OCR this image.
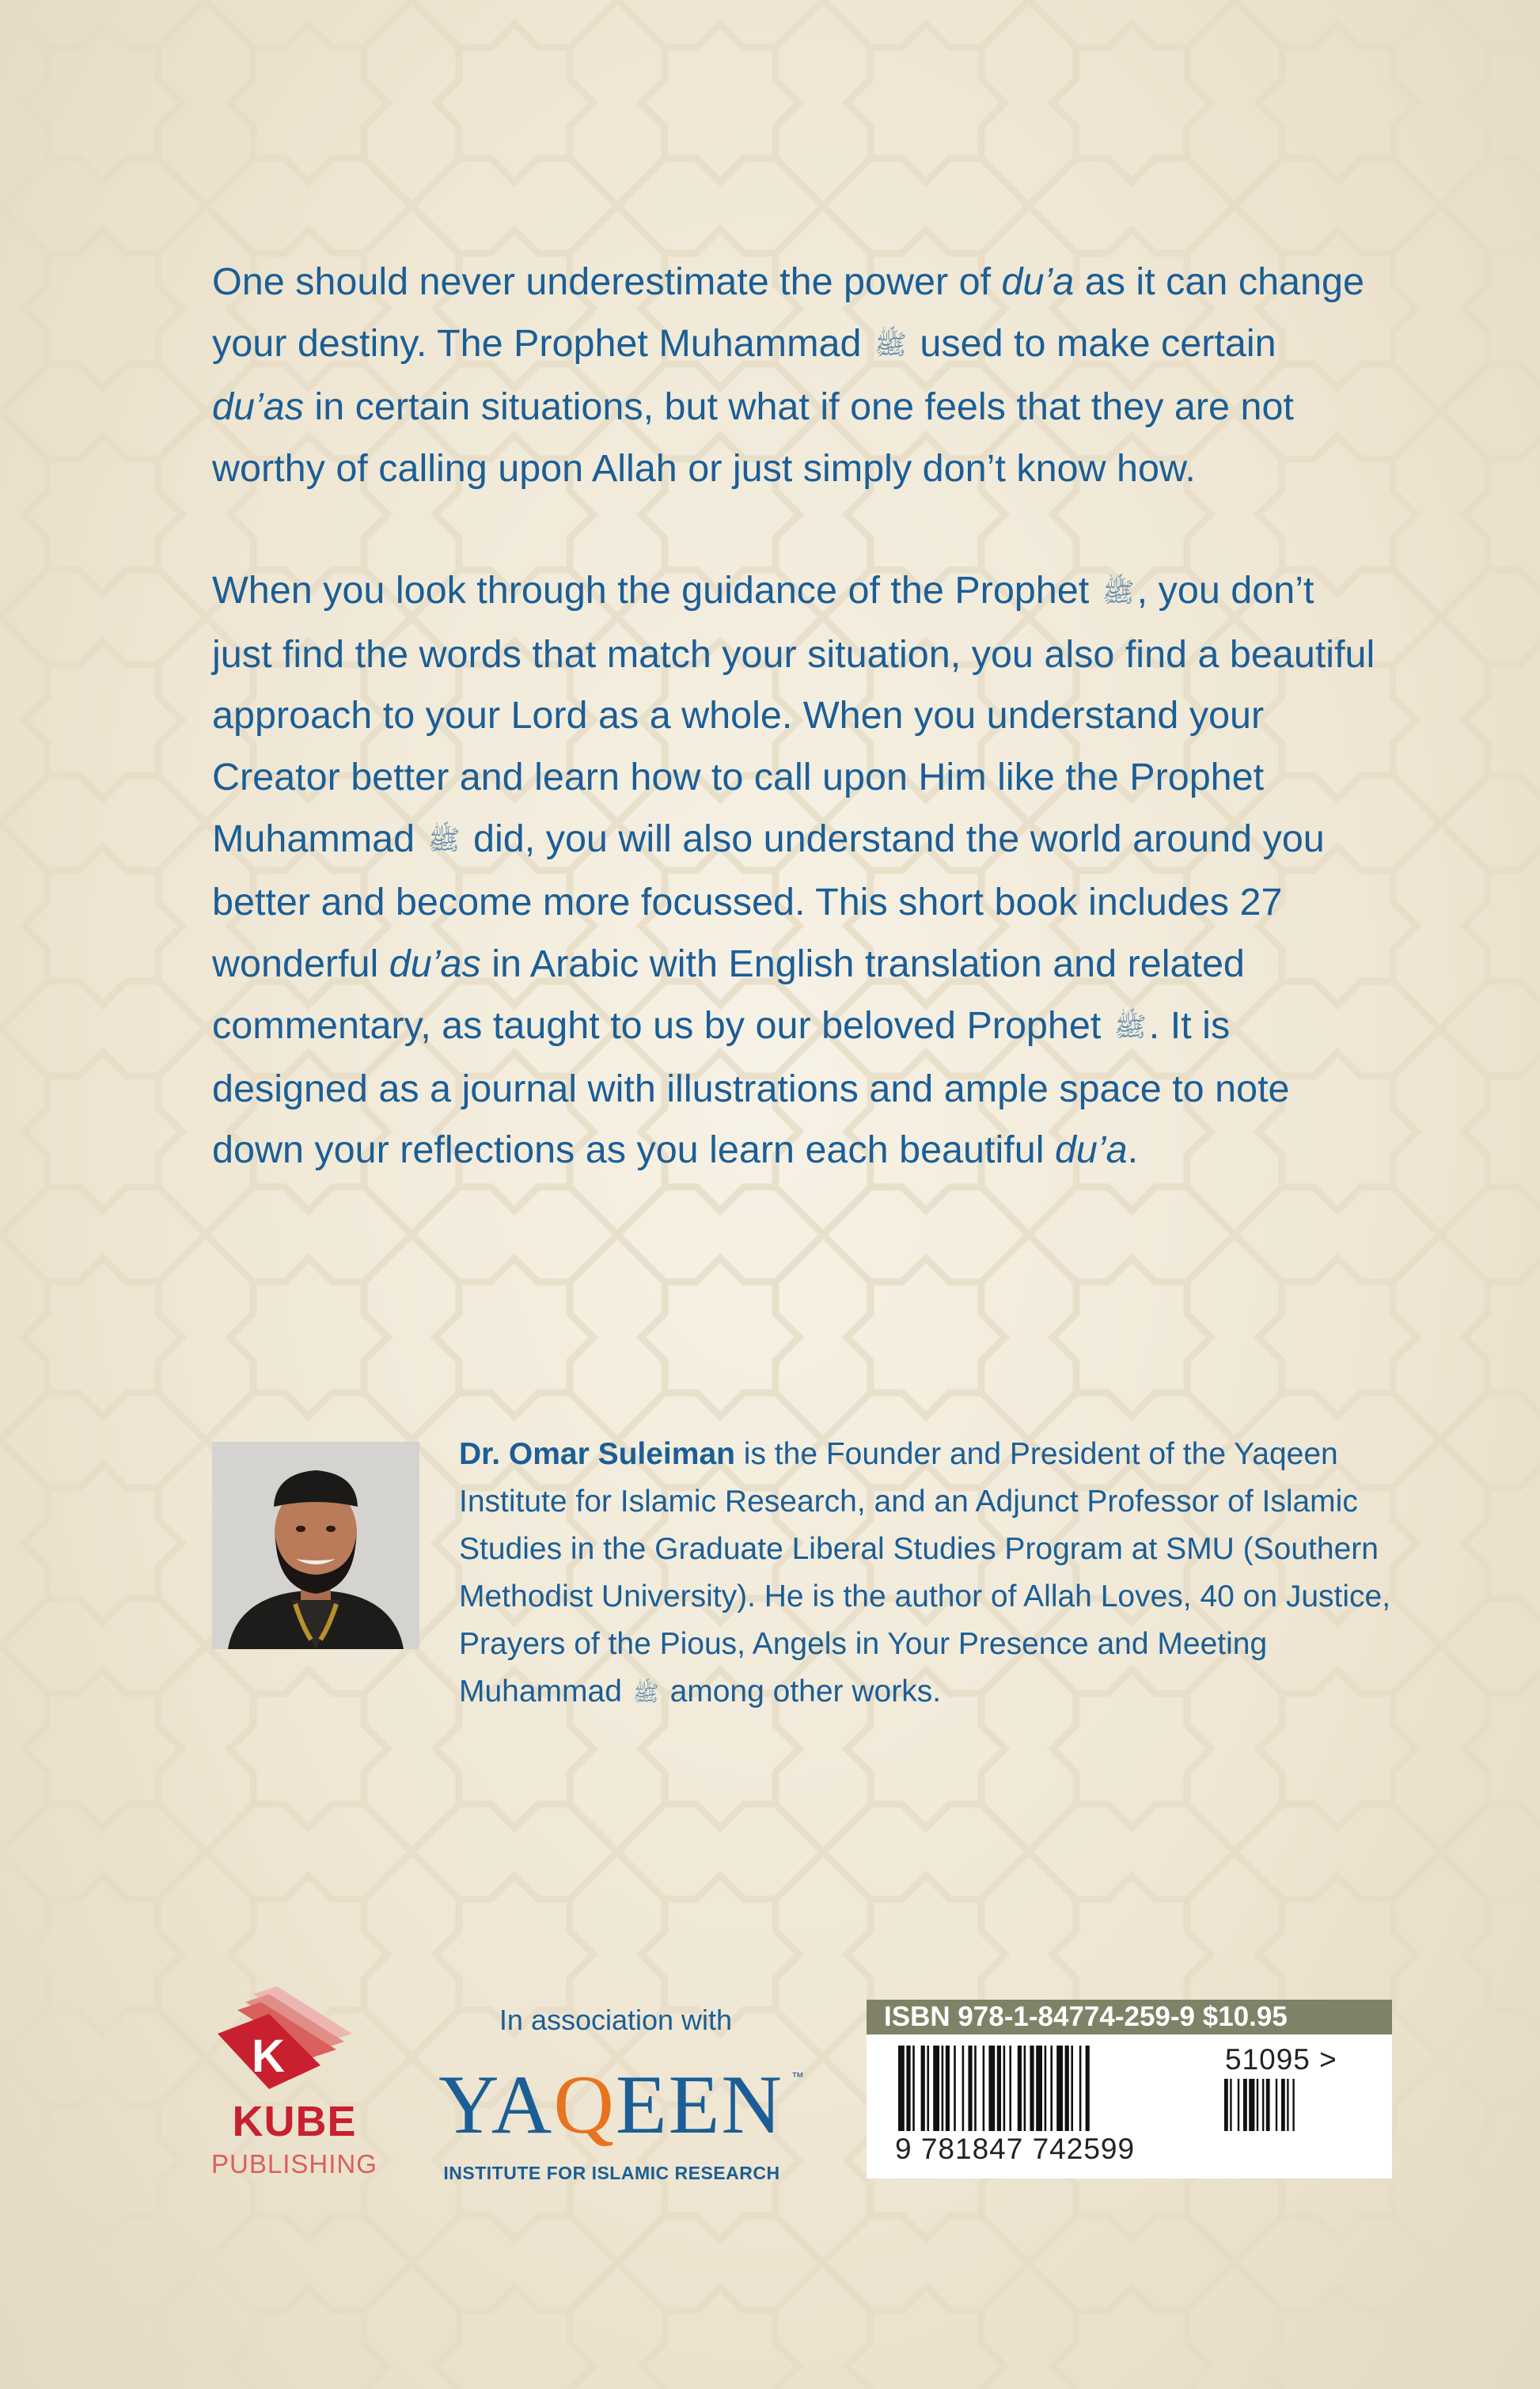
One should never underestimate the power of du’a as it can change your destiny. The Prophet Muhammad ﷺ used to make certain du’as in certain situations, but what if one feels that they are not worthy of calling upon Allah or just simply don’t know how.

When you look through the guidance of the Prophet ﷺ, you don’t just find the words that match your situation, you also find a beautiful approach to your Lord as a whole. When you understand your Creator better and learn how to call upon Him like the Prophet Muhammad ﷺ did, you will also understand the world around you better and become more focussed. This short book includes 27 wonderful du’as in Arabic with English translation and related commentary, as taught to us by our beloved Prophet ﷺ. It is designed as a journal with illustrations and ample space to note down your reflections as you learn each beautiful du’a.

Dr. Omar Suleiman is the Founder and President of the Yaqeen Institute for Islamic Research, and an Adjunct Professor of Islamic Studies in the Graduate Liberal Studies Program at SMU (Southern Methodist University). He is the author of Allah Loves, 40 on Justice, Prayers of the Pious, Angels in Your Presence and Meeting Muhammad ﷺ among other works.
K
KUBE
PUBLISHING
In association with
YAQEEN ™
INSTITUTE FOR ISLAMIC RESEARCH
ISBN 978-1-84774-259-9 $10.95
51095 >
9 781847 742599
